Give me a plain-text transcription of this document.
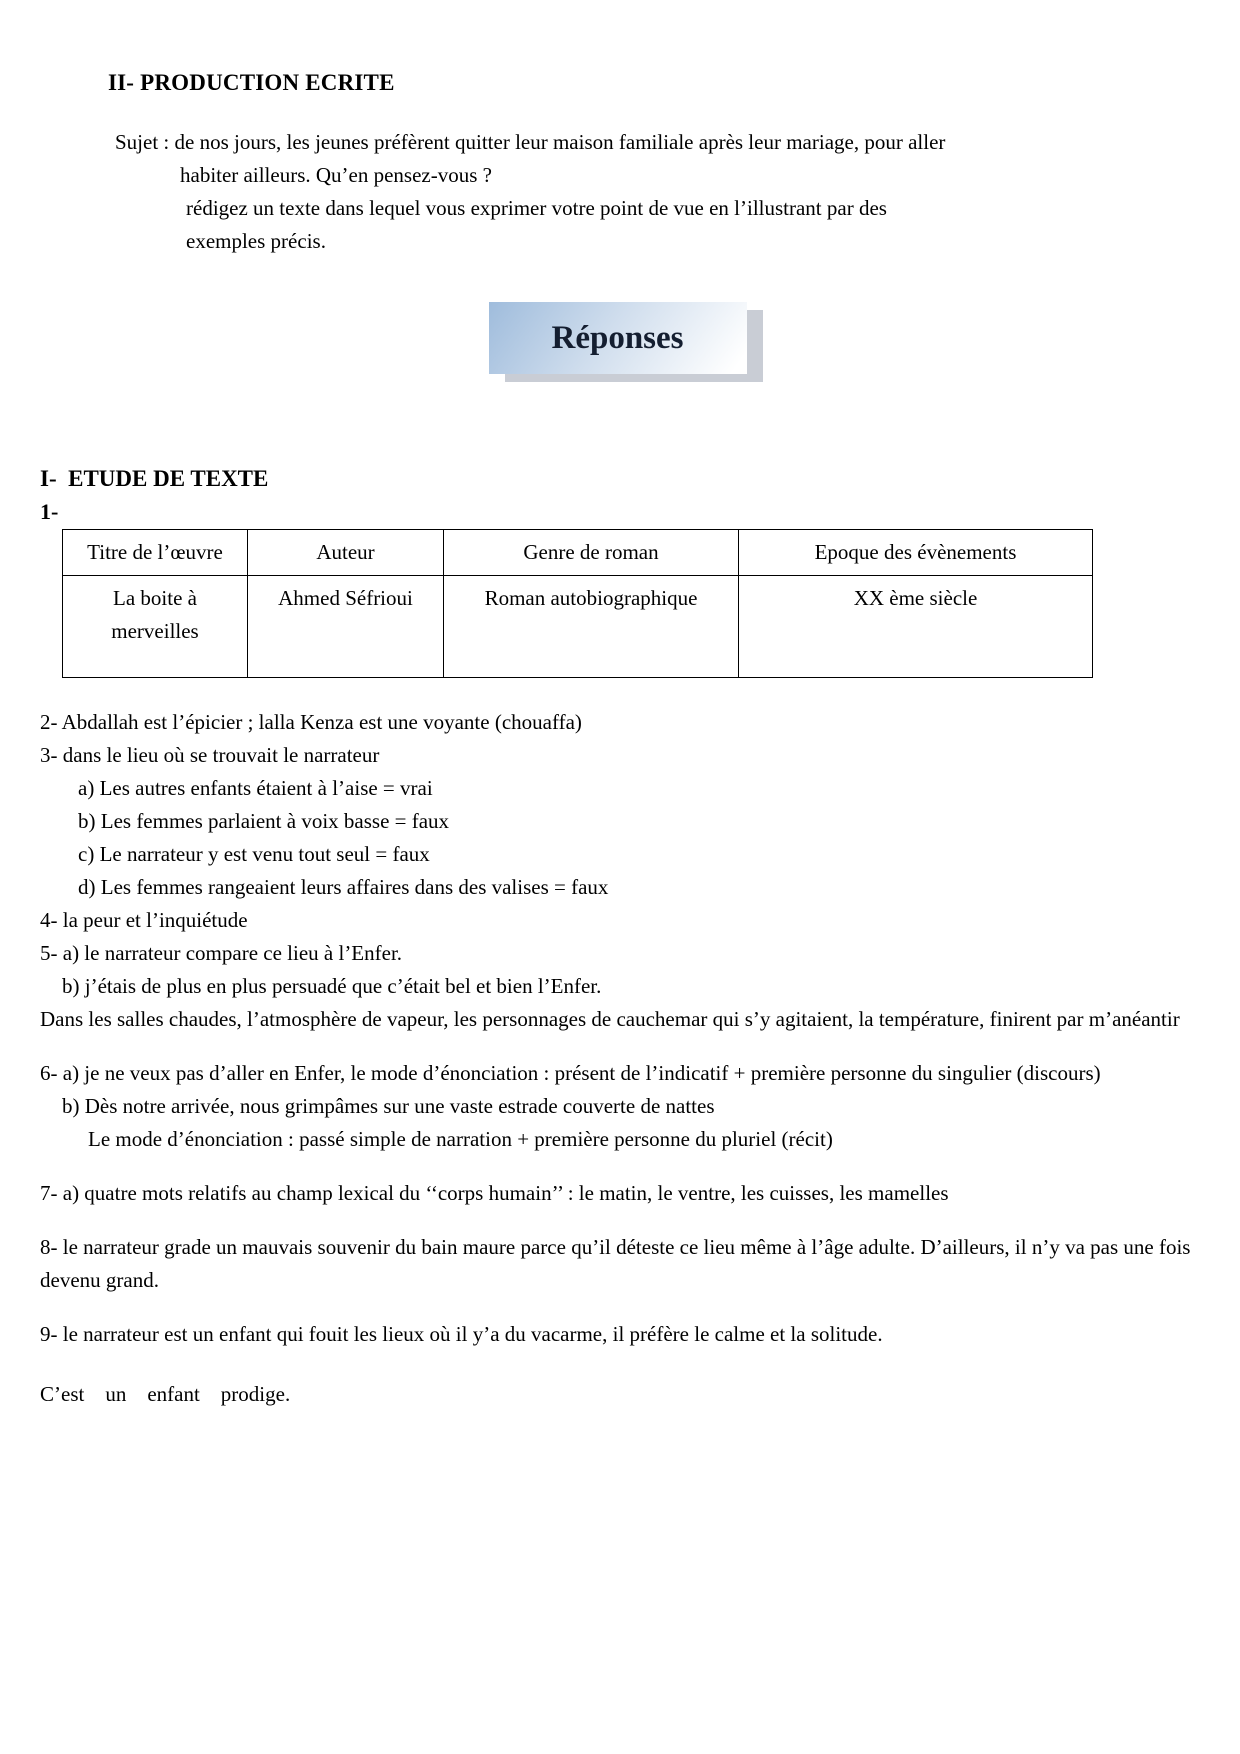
II- PRODUCTION ECRITE

Sujet : de nos jours, les jeunes préfèrent quitter leur maison familiale après leur mariage, pour aller

habiter ailleurs. Qu’en pensez-vous ?

rédigez un texte dans lequel vous exprimer votre point de vue en l’illustrant par des

exemples précis.

Réponses
I-  ETUDE DE TEXTE

1-

Titre de l’œuvre	Auteur	Genre de roman	Epoque des évènements
La boite à merveilles	Ahmed Séfrioui	Roman autobiographique	XX ème siècle

2- Abdallah est l’épicier ; lalla Kenza est une voyante (chouaffa)

3- dans le lieu où se trouvait le narrateur

a) Les autres enfants étaient à l’aise = vrai

b) Les femmes parlaient à voix basse = faux

c) Le narrateur y est venu tout seul = faux

d) Les femmes rangeaient leurs affaires dans des valises = faux

4- la peur et l’inquiétude

5- a) le narrateur compare ce lieu à l’Enfer.

b) j’étais de plus en plus persuadé que c’était bel et bien l’Enfer.

Dans les salles chaudes, l’atmosphère de vapeur, les personnages de cauchemar qui s’y agitaient, la température, finirent par m’anéantir

6- a) je ne veux pas d’aller en Enfer, le mode d’énonciation : présent de l’indicatif + première personne du singulier (discours)

b) Dès notre arrivée, nous grimpâmes sur une vaste estrade couverte de nattes

Le mode d’énonciation : passé simple de narration + première personne du pluriel (récit)

7- a) quatre mots relatifs au champ lexical du ‘‘corps humain’’ : le matin, le ventre, les cuisses, les mamelles

8- le narrateur grade un mauvais souvenir du bain maure parce qu’il déteste ce lieu même à l’âge adulte. D’ailleurs, il n’y va pas une fois devenu grand.

9- le narrateur est un enfant qui fouit les lieux où il y’a du vacarme, il préfère le calme et la solitude.

C’est    un    enfant    prodige.
